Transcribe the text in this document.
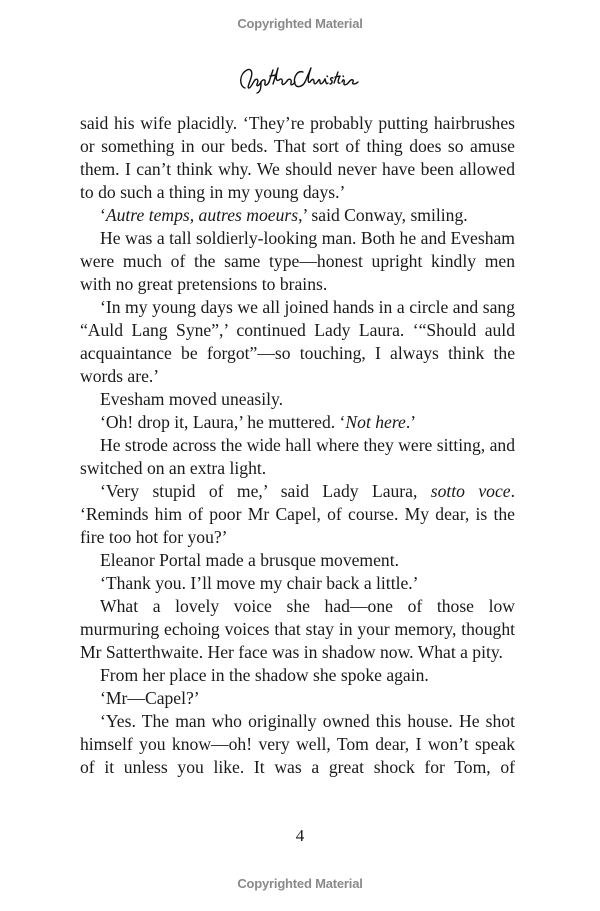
Copyrighted Material

said his wife placidly. ‘They’re probably putting hairbrushes or something in our beds. That sort of thing does so amuse them. I can’t think why. We should never have been allowed to do such a thing in my young days.’

‘Autre temps, autres moeurs,’ said Conway, smiling.

He was a tall soldierly-looking man. Both he and Evesham were much of the same type—honest upright kindly men with no great pretensions to brains.

‘In my young days we all joined hands in a circle and sang “Auld Lang Syne”,’ continued Lady Laura. ‘“Should auld acquaintance be forgot”—so touching, I always think the words are.’

Evesham moved uneasily.

‘Oh! drop it, Laura,’ he muttered. ‘Not here.’

He strode across the wide hall where they were sitting, and switched on an extra light.

‘Very stupid of me,’ said Lady Laura, sotto voce. ‘Reminds him of poor Mr Capel, of course. My dear, is the fire too hot for you?’

Eleanor Portal made a brusque movement.

‘Thank you. I’ll move my chair back a little.’

What a lovely voice she had—one of those low murmuring echoing voices that stay in your memory, thought Mr Satterthwaite. Her face was in shadow now. What a pity.

From her place in the shadow she spoke again.

‘Mr—Capel?’

‘Yes. The man who originally owned this house. He shot himself you know—oh! very well, Tom dear, I won’t speak of it unless you like. It was a great shock for Tom, of

4
Copyrighted Material
